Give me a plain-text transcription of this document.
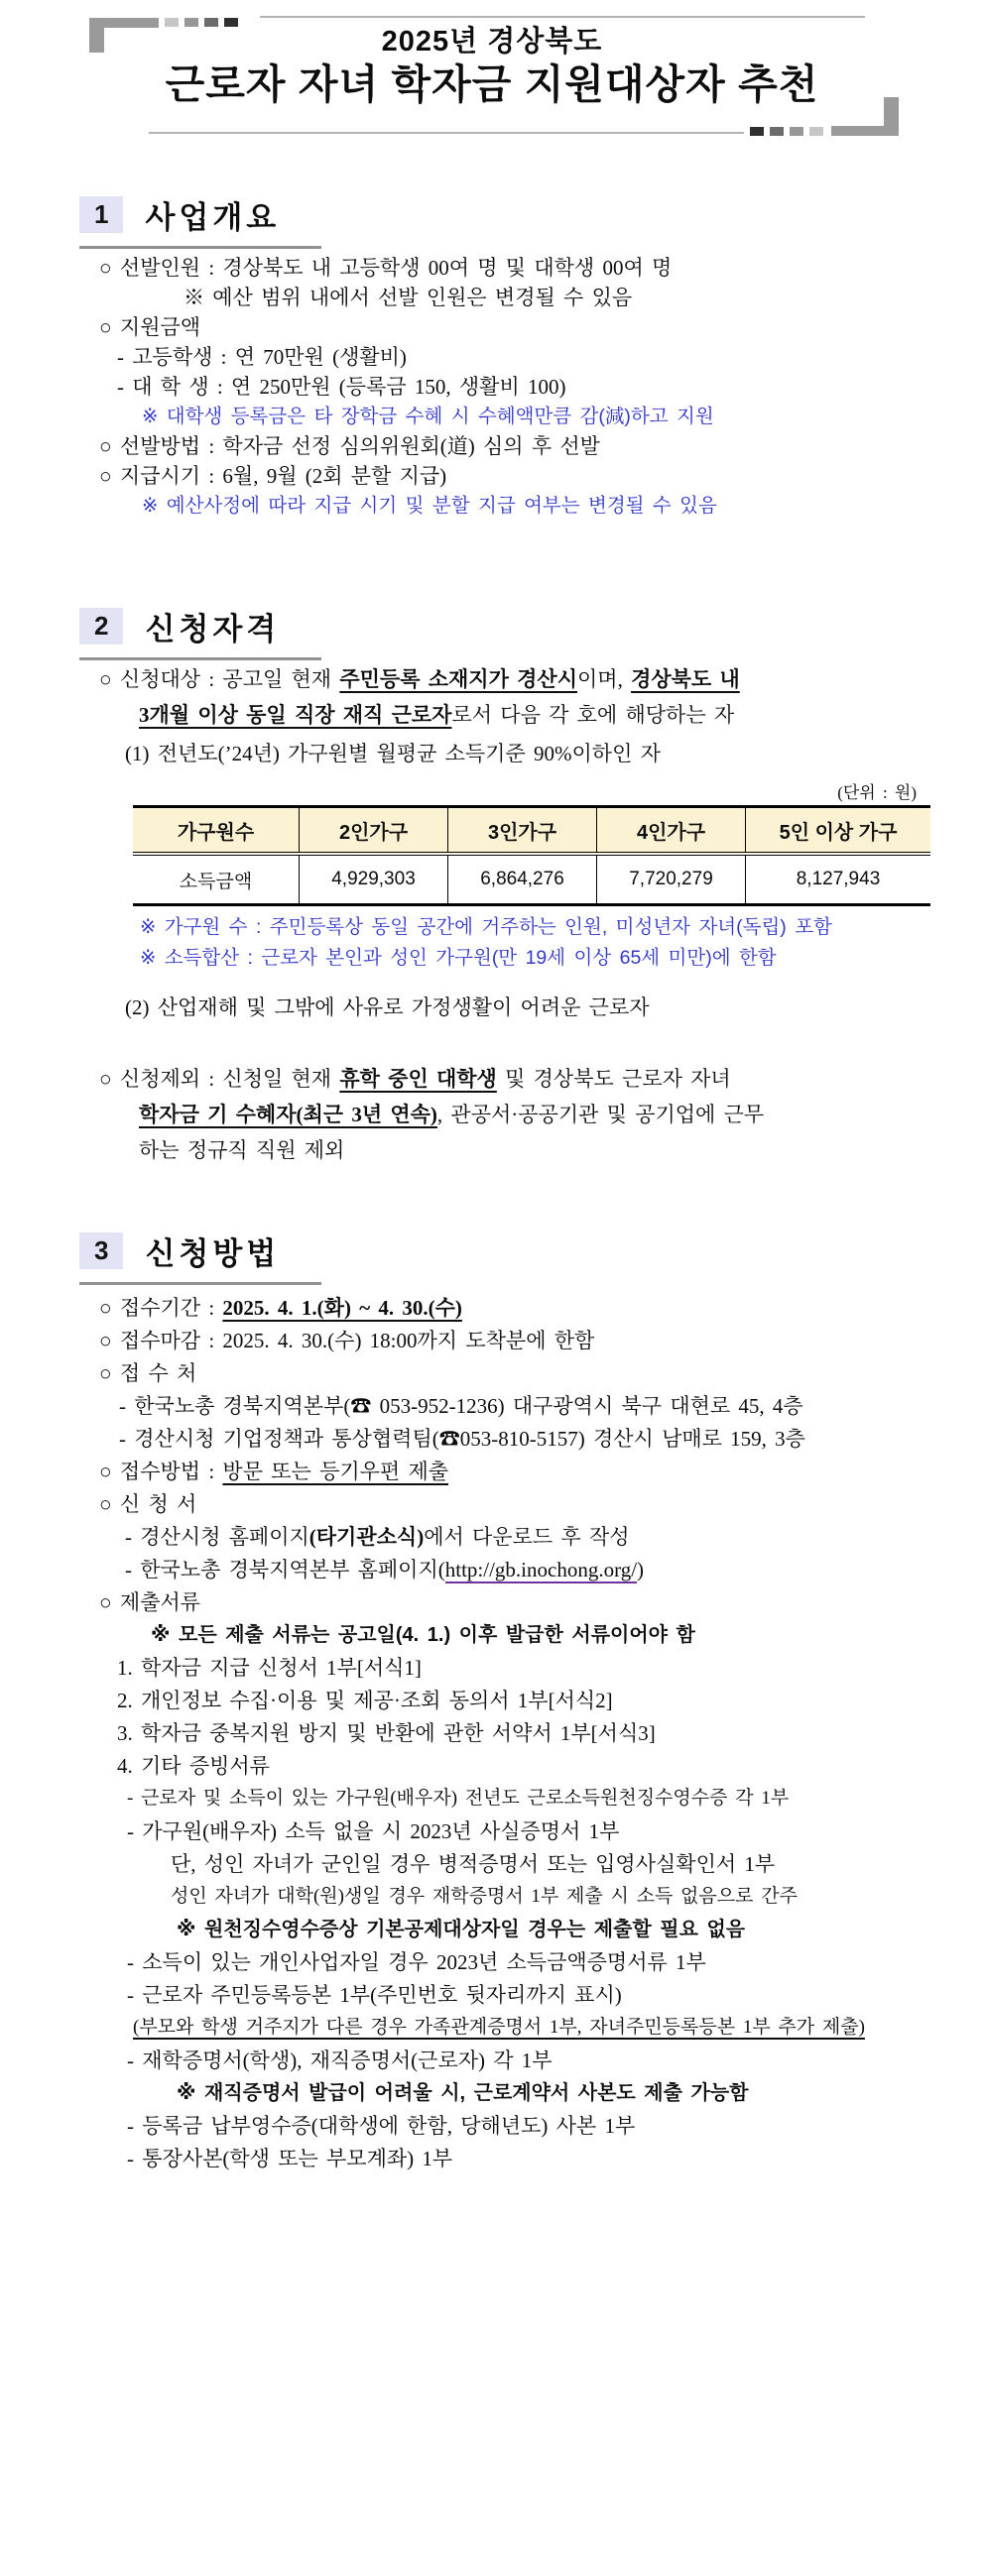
2025년 경상북도
근로자 자녀 학자금 지원대상자 추천
1	사업개요
○ 선발인원 : 경상북도 내 고등학생 00여 명 및 대학생 00여 명
※ 예산 범위 내에서 선발 인원은 변경될 수 있음
○ 지원금액
- 고등학생 : 연 70만원 (생활비)
- 대 학 생 : 연 250만원 (등록금 150, 생활비 100)
※ 대학생 등록금은 타 장학금 수혜 시 수혜액만큼 감(減)하고 지원
○ 선발방법 : 학자금 선정 심의위원회(道) 심의 후 선발
○ 지급시기 : 6월, 9월 (2회 분할 지급)
※ 예산사정에 따라 지급 시기 및 분할 지급 여부는 변경될 수 있음
2	신청자격
○ 신청대상 : 공고일 현재 주민등록 소재지가 경산시이며, 경상북도 내
3개월 이상 동일 직장 재직 근로자로서 다음 각 호에 해당하는 자
(1) 전년도(’24년) 가구원별 월평균 소득기준 90%이하인 자
(단위 : 원)
가구원수	2인가구	3인가구	4인가구	5인 이상 가구
소득금액	4,929,303	6,864,276	7,720,279	8,127,943
※ 가구원 수 : 주민등록상 동일 공간에 거주하는 인원, 미성년자 자녀(독립) 포함
※ 소득합산 : 근로자 본인과 성인 가구원(만 19세 이상 65세 미만)에 한함
(2) 산업재해 및 그밖에 사유로 가정생활이 어려운 근로자
○ 신청제외 : 신청일 현재 휴학 중인 대학생 및 경상북도 근로자 자녀
학자금 기 수혜자(최근 3년 연속), 관공서·공공기관 및 공기업에 근무
하는 정규직 직원 제외
3	신청방법
○ 접수기간 : 2025. 4. 1.(화) ~ 4. 30.(수)
○ 접수마감 : 2025. 4. 30.(수) 18:00까지 도착분에 한함
○ 접 수 처
- 한국노총 경북지역본부(☎ 053-952-1236) 대구광역시 북구 대현로 45, 4층
- 경산시청 기업정책과 통상협력팀(☎053-810-5157) 경산시 남매로 159, 3층
○ 접수방법 : 방문 또는 등기우편 제출
○ 신 청 서
- 경산시청 홈페이지(타기관소식)에서 다운로드 후 작성
- 한국노총 경북지역본부 홈페이지(http://gb.inochong.org/)
○ 제출서류
※ 모든 제출 서류는 공고일(4. 1.) 이후 발급한 서류이어야 함
1. 학자금 지급 신청서 1부[서식1]
2. 개인정보 수집·이용 및 제공·조회 동의서 1부[서식2]
3. 학자금 중복지원 방지 및 반환에 관한 서약서 1부[서식3]
4. 기타 증빙서류
- 근로자 및 소득이 있는 가구원(배우자) 전년도 근로소득원천징수영수증 각 1부
- 가구원(배우자) 소득 없을 시 2023년 사실증명서 1부
단, 성인 자녀가 군인일 경우 병적증명서 또는 입영사실확인서 1부
성인 자녀가 대학(원)생일 경우 재학증명서 1부 제출 시 소득 없음으로 간주
※ 원천징수영수증상 기본공제대상자일 경우는 제출할 필요 없음
- 소득이 있는 개인사업자일 경우 2023년 소득금액증명서류 1부
- 근로자 주민등록등본 1부(주민번호 뒷자리까지 표시)
(부모와 학생 거주지가 다른 경우 가족관계증명서 1부, 자녀주민등록등본 1부 추가 제출)
- 재학증명서(학생), 재직증명서(근로자) 각 1부
※ 재직증명서 발급이 어려울 시, 근로계약서 사본도 제출 가능함
- 등록금 납부영수증(대학생에 한함, 당해년도) 사본 1부
- 통장사본(학생 또는 부모계좌) 1부
